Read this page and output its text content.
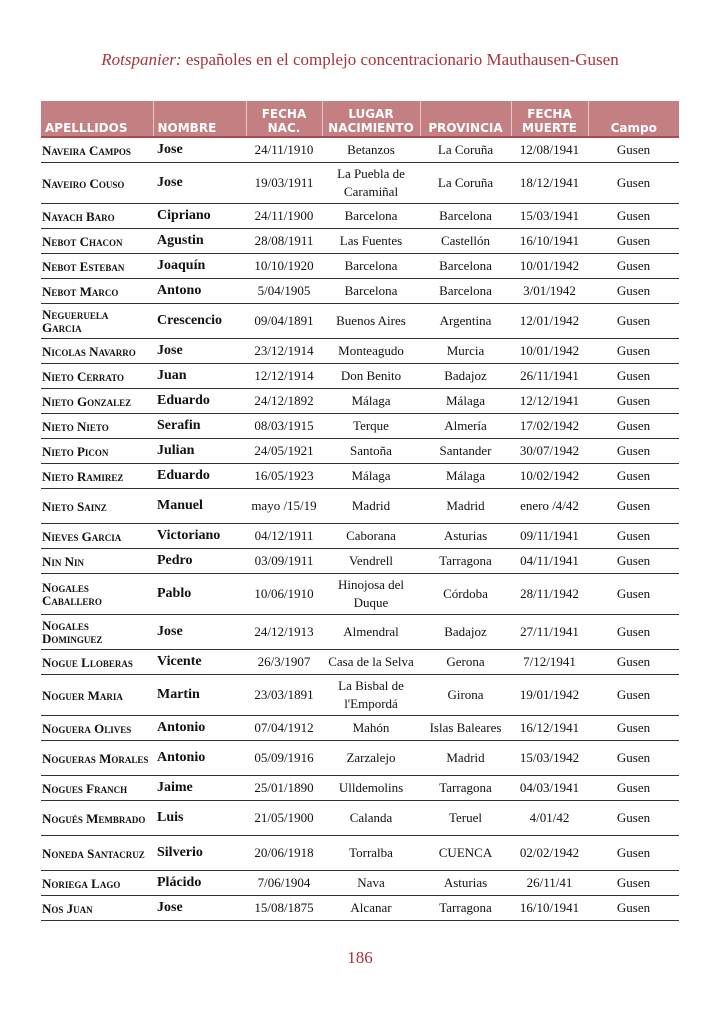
Rotspanier: españoles en el complejo concentracionario Mauthausen-Gusen
APELLLIDOS	NOMBRE	FECHA NAC.	LUGAR NACIMIENTO	PROVINCIA	FECHA MUERTE	Campo
Naveira Campos	Jose	24/11/1910	Betanzos	La Coruña	12/08/1941	Gusen
Naveiro Couso	Jose	19/03/1911	La Puebla de Caramiñal	La Coruña	18/12/1941	Gusen
Nayach Baro	Cipriano	24/11/1900	Barcelona	Barcelona	15/03/1941	Gusen
Nebot Chacon	Agustin	28/08/1911	Las Fuentes	Castellón	16/10/1941	Gusen
Nebot Esteban	Joaquín	10/10/1920	Barcelona	Barcelona	10/01/1942	Gusen
Nebot Marco	Antono	5/04/1905	Barcelona	Barcelona	3/01/1942	Gusen
Negueruela Garcia	Crescencio	09/04/1891	Buenos Aires	Argentina	12/01/1942	Gusen
Nicolas Navarro	Jose	23/12/1914	Monteagudo	Murcia	10/01/1942	Gusen
Nieto Cerrato	Juan	12/12/1914	Don Benito	Badajoz	26/11/1941	Gusen
Nieto Gonzalez	Eduardo	24/12/1892	Málaga	Málaga	12/12/1941	Gusen
Nieto Nieto	Serafin	08/03/1915	Terque	Almería	17/02/1942	Gusen
Nieto Picon	Julian	24/05/1921	Santoña	Santander	30/07/1942	Gusen
Nieto Ramirez	Eduardo	16/05/1923	Málaga	Málaga	10/02/1942	Gusen
Nieto Sainz	Manuel	mayo /15/19	Madrid	Madrid	enero /4/42	Gusen
Nieves Garcia	Victoriano	04/12/1911	Caborana	Asturias	09/11/1941	Gusen
Nin Nin	Pedro	03/09/1911	Vendrell	Tarragona	04/11/1941	Gusen
Nogales Caballero	Pablo	10/06/1910	Hinojosa del Duque	Córdoba	28/11/1942	Gusen
Nogales Dominguez	Jose	24/12/1913	Almendral	Badajoz	27/11/1941	Gusen
Nogue Lloberas	Vicente	26/3/1907	Casa de la Selva	Gerona	7/12/1941	Gusen
Noguer Maria	Martin	23/03/1891	La Bisbal de l'Empordá	Girona	19/01/1942	Gusen
Noguera Olives	Antonio	07/04/1912	Mahón	Islas Baleares	16/12/1941	Gusen
Nogueras Morales	Antonio	05/09/1916	Zarzalejo	Madrid	15/03/1942	Gusen
Nogues Franch	Jaime	25/01/1890	Ulldemolins	Tarragona	04/03/1941	Gusen
Nogués Membrado	Luis	21/05/1900	Calanda	Teruel	4/01/42	Gusen
Noneda Santacruz	Silverio	20/06/1918	Torralba	CUENCA	02/02/1942	Gusen
Noriega Lago	Plácido	7/06/1904	Nava	Asturias	26/11/41	Gusen
Nos Juan	Jose	15/08/1875	Alcanar	Tarragona	16/10/1941	Gusen
186
